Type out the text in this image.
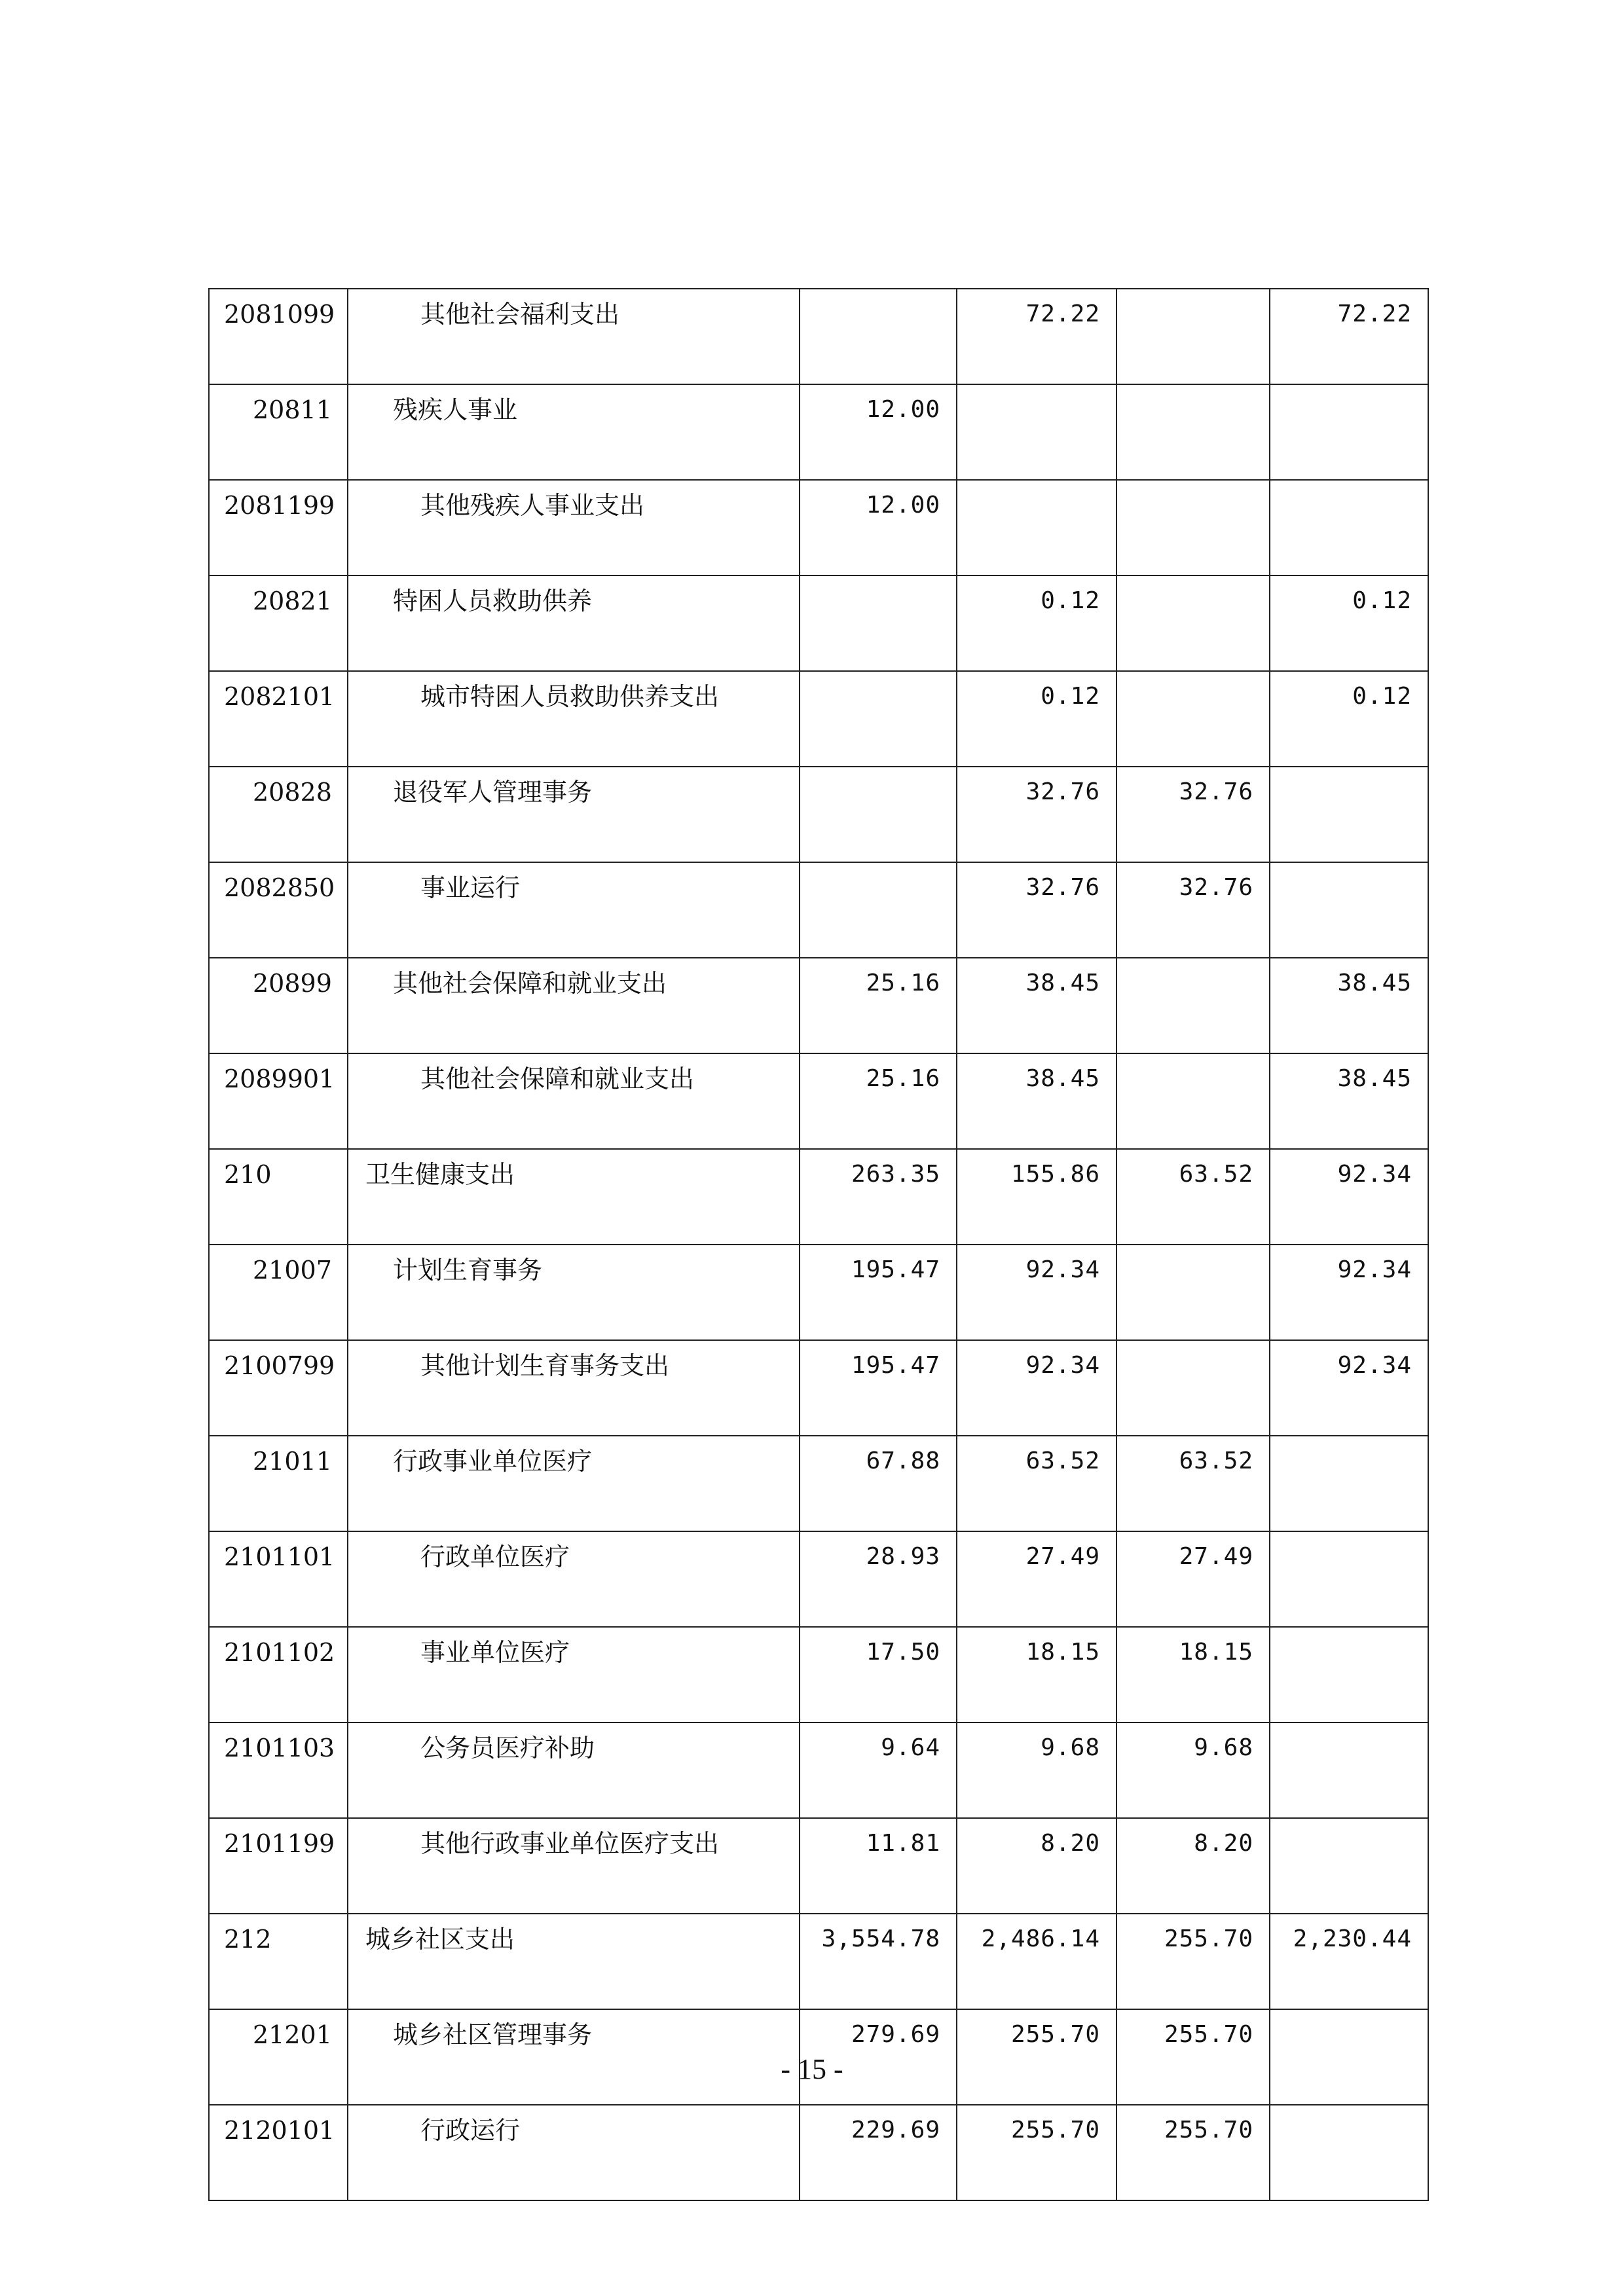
2081099	其他社会福利支出		72.22		72.22
20811	残疾人事业	12.00			
2081199	其他残疾人事业支出	12.00			
20821	特困人员救助供养		0.12		0.12
2082101	城市特困人员救助供养支出		0.12		0.12
20828	退役军人管理事务		32.76	32.76	
2082850	事业运行		32.76	32.76	
20899	其他社会保障和就业支出	25.16	38.45		38.45
2089901	其他社会保障和就业支出	25.16	38.45		38.45
210	卫生健康支出	263.35	155.86	63.52	92.34
21007	计划生育事务	195.47	92.34		92.34
2100799	其他计划生育事务支出	195.47	92.34		92.34
21011	行政事业单位医疗	67.88	63.52	63.52	
2101101	行政单位医疗	28.93	27.49	27.49	
2101102	事业单位医疗	17.50	18.15	18.15	
2101103	公务员医疗补助	9.64	9.68	9.68	
2101199	其他行政事业单位医疗支出	11.81	8.20	8.20	
212	城乡社区支出	3,554.78	2,486.14	255.70	2,230.44
21201	城乡社区管理事务	279.69	255.70	255.70	
2120101	行政运行	229.69	255.70	255.70	
- 15 -
